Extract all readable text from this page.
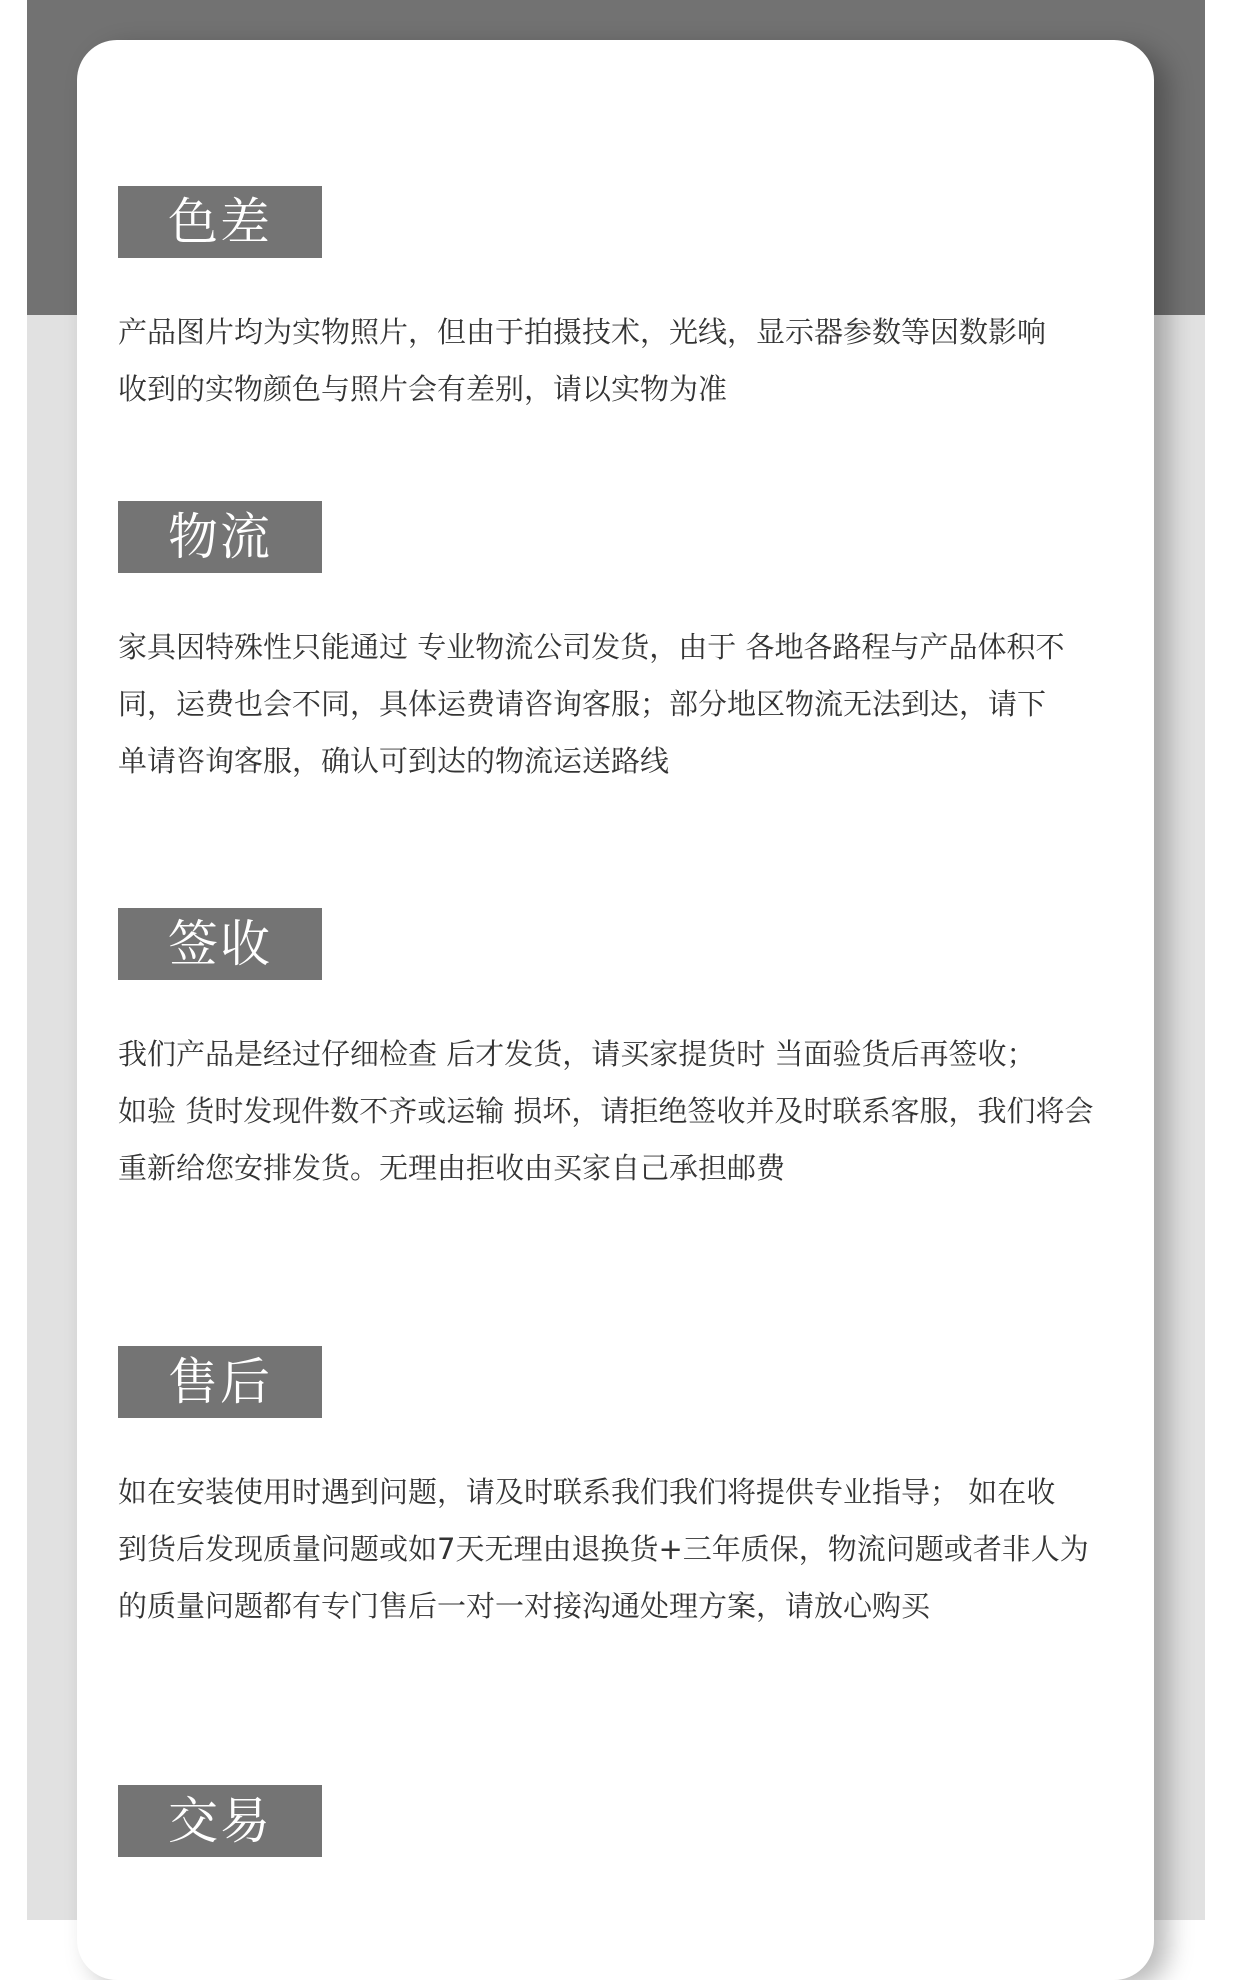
色差

产品图片均为实物照片，但由于拍摄技术，光线，显示器参数等因数影响
收到的实物颜色与照片会有差别，请以实物为准

物流

家具因特殊性只能通过 专业物流公司发货，由于 各地各路程与产品体积不
同，运费也会不同，具体运费请咨询客服；部分地区物流无法到达，请下
单请咨询客服，确认可到达的物流运送路线

签收

我们产品是经过仔细检查 后才发货，请买家提货时 当面验货后再签收；
如验 货时发现件数不齐或运输 损坏，请拒绝签收并及时联系客服，我们将会
重新给您安排发货。无理由拒收由买家自己承担邮费

售后

如在安装使用时遇到问题，请及时联系我们我们将提供专业指导； 如在收
到货后发现质量问题或如7天无理由退换货+三年质保，物流问题或者非人为
的质量问题都有专门售后一对一对接沟通处理方案，请放心购买

交易
